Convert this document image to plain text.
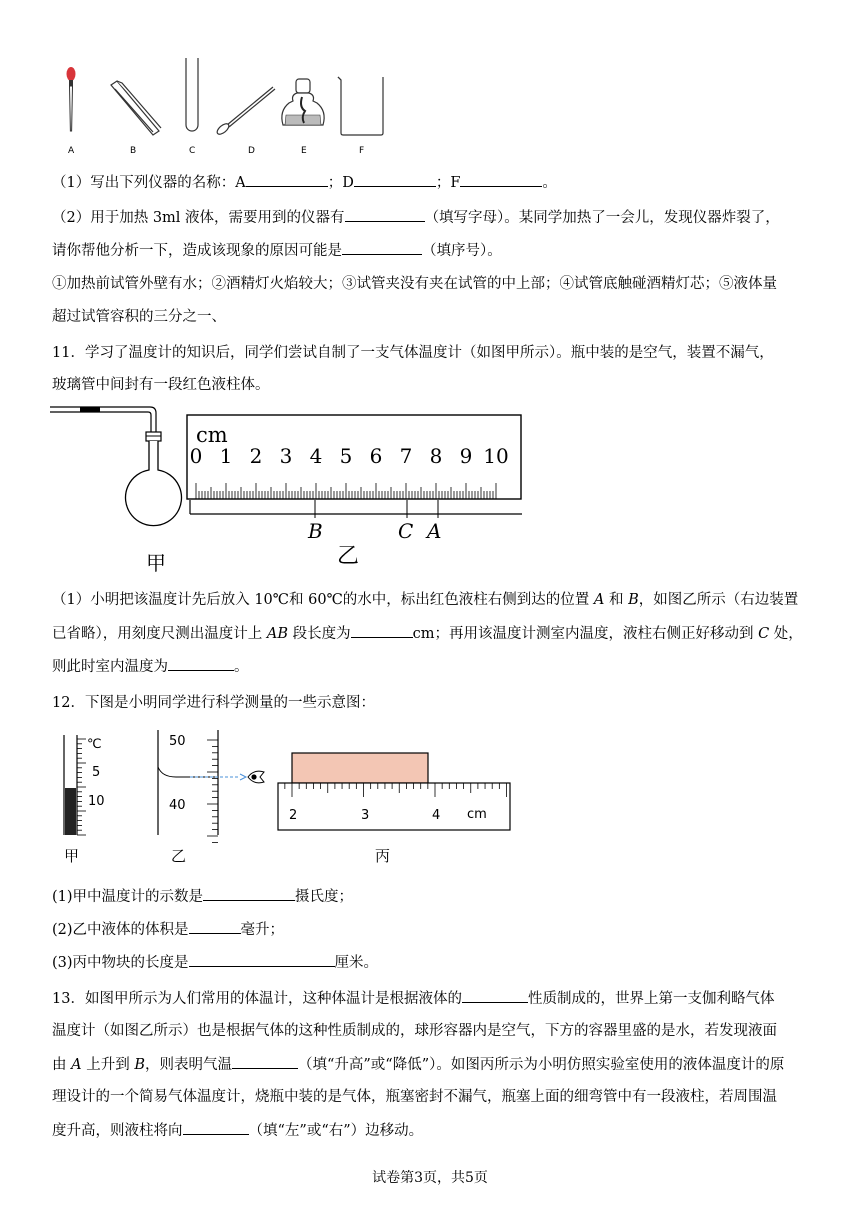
A	B	C	D	E	F
（1）写出下列仪器的名称：A	；D	；F	。
（2）用于加热 3ml 液体，需要用到的仪器有	（填写字母）。某同学加热了一会儿，发现仪器炸裂了，
请你帮他分析一下，造成该现象的原因可能是	（填序号）。
①加热前试管外壁有水；②酒精灯火焰较大；③试管夹没有夹在试管的中上部；④试管底触碰酒精灯芯；⑤液体量
超过试管容积的三分之一、
11．学习了温度计的知识后，同学们尝试自制了一支气体温度计（如图甲所示）。瓶中装的是空气，装置不漏气，
玻璃管中间封有一段红色液柱体。
甲
cm
0 1 2 3 4 5 6 7 8 9 10
B	C A
乙
（1）小明把该温度计先后放入 10℃和 60℃的水中，标出红色液柱右侧到达的位置 A 和 B，如图乙所示（右边装置
已省略），用刻度尺测出温度计上 AB 段长度为	cm；再用该温度计测室内温度，液柱右侧正好移动到 C 处，
则此时室内温度为	。
12．下图是小明同学进行科学测量的一些示意图：
℃
5
10
甲
50
40
乙
2	3	4 cm
丙
(1)甲中温度计的示数是	摄氏度；
(2)乙中液体的体积是	毫升；
(3)丙中物块的长度是	厘米。
13．如图甲所示为人们常用的体温计，这种体温计是根据液体的	性质制成的，世界上第一支伽利略气体
温度计（如图乙所示）也是根据气体的这种性质制成的，球形容器内是空气，下方的容器里盛的是水，若发现液面
由 A 上升到 B，则表明气温	（填“升高”或“降低”）。如图丙所示为小明仿照实验室使用的液体温度计的原
理设计的一个简易气体温度计，烧瓶中装的是气体，瓶塞密封不漏气，瓶塞上面的细弯管中有一段液柱，若周围温
度升高，则液柱将向	（填“左”或“右”）边移动。
试卷第3页，共5页
